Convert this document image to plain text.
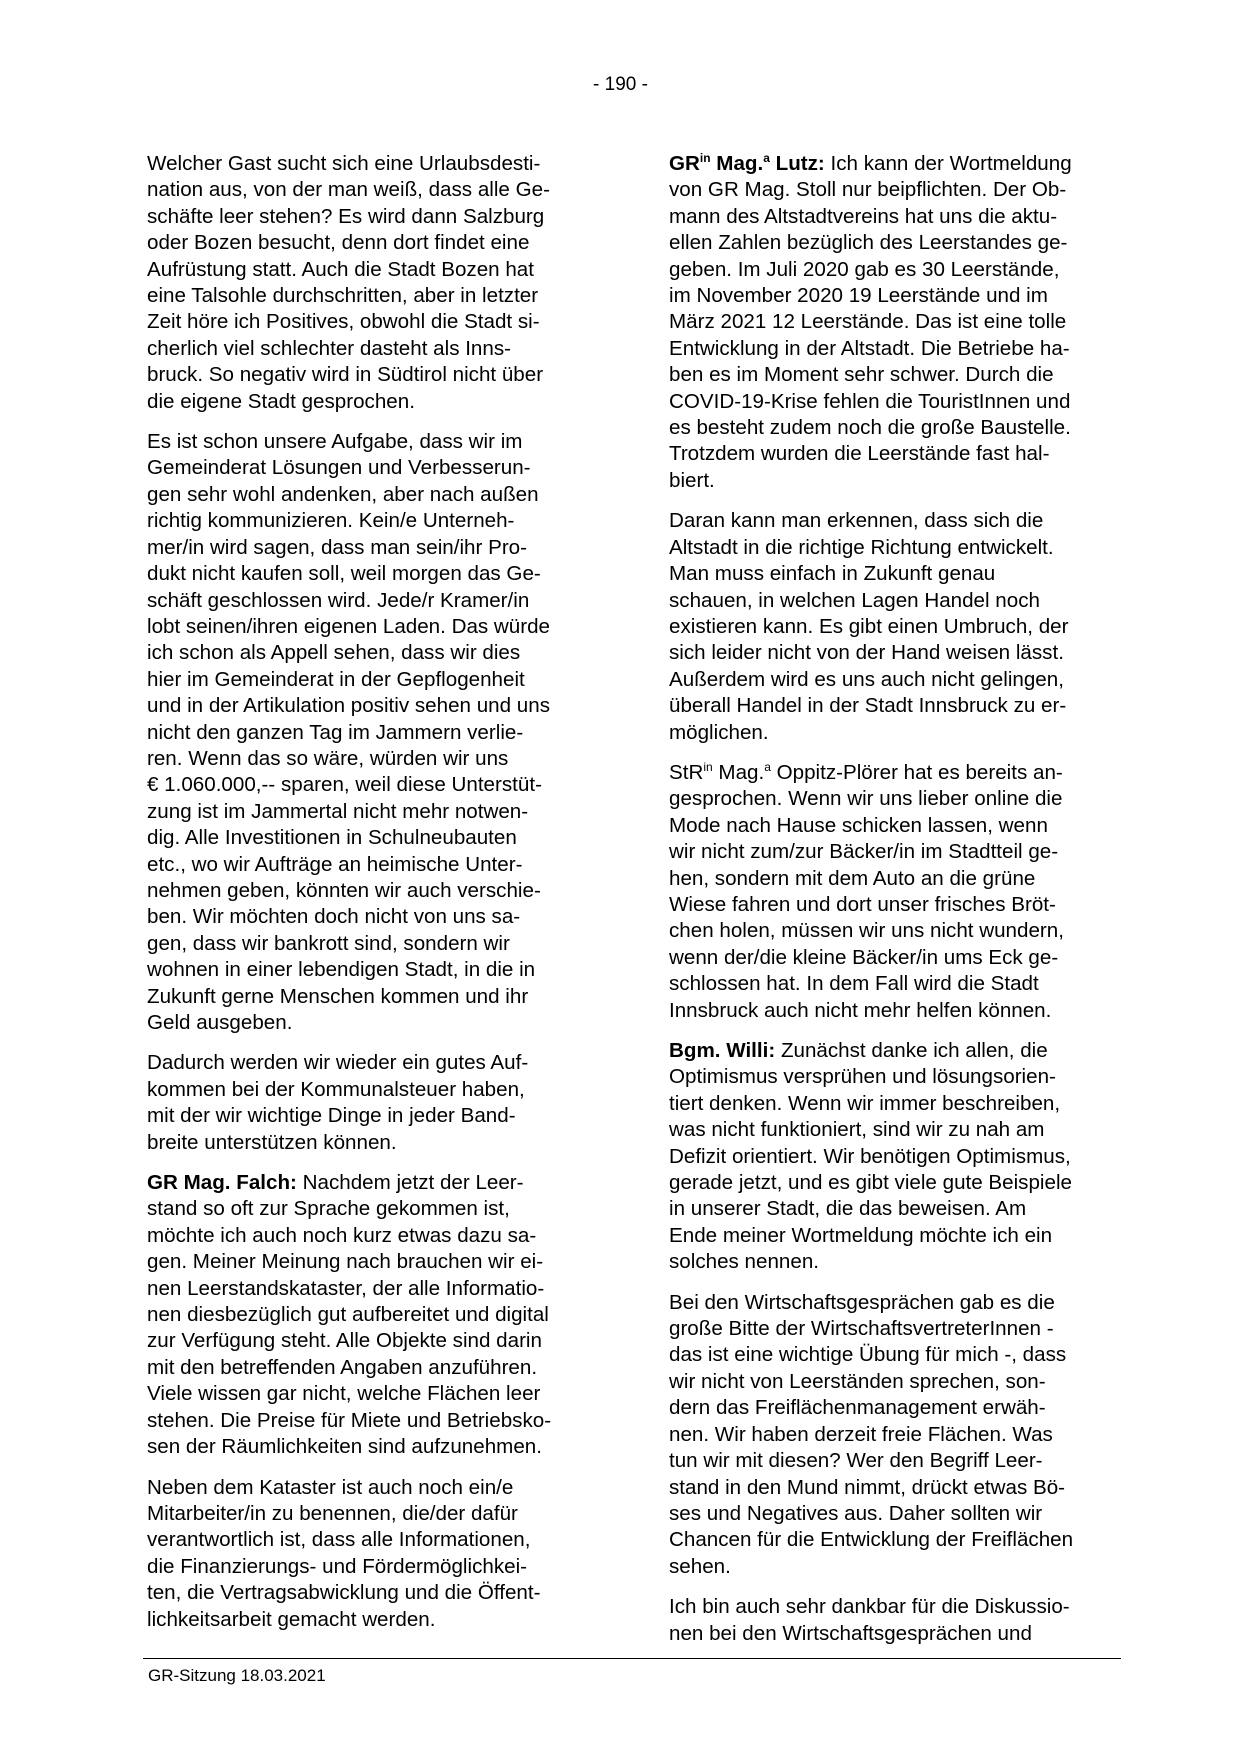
- 190 -

Welcher Gast sucht sich eine Urlaubsdesti-
nation aus, von der man weiß, dass alle Ge-
schäfte leer stehen? Es wird dann Salzburg
oder Bozen besucht, denn dort findet eine
Aufrüstung statt. Auch die Stadt Bozen hat
eine Talsohle durchschritten, aber in letzter
Zeit höre ich Positives, obwohl die Stadt si-
cherlich viel schlechter dasteht als Inns-
bruck. So negativ wird in Südtirol nicht über
die eigene Stadt gesprochen.

Es ist schon unsere Aufgabe, dass wir im
Gemeinderat Lösungen und Verbesserun-
gen sehr wohl andenken, aber nach außen
richtig kommunizieren. Kein/e Unterneh-
mer/in wird sagen, dass man sein/ihr Pro-
dukt nicht kaufen soll, weil morgen das Ge-
schäft geschlossen wird. Jede/r Kramer/in
lobt seinen/ihren eigenen Laden. Das würde
ich schon als Appell sehen, dass wir dies
hier im Gemeinderat in der Gepflogenheit
und in der Artikulation positiv sehen und uns
nicht den ganzen Tag im Jammern verlie-
ren. Wenn das so wäre, würden wir uns
€ 1.060.000,-- sparen, weil diese Unterstüt-
zung ist im Jammertal nicht mehr notwen-
dig. Alle Investitionen in Schulneubauten
etc., wo wir Aufträge an heimische Unter-
nehmen geben, könnten wir auch verschie-
ben. Wir möchten doch nicht von uns sa-
gen, dass wir bankrott sind, sondern wir
wohnen in einer lebendigen Stadt, in die in
Zukunft gerne Menschen kommen und ihr
Geld ausgeben.

Dadurch werden wir wieder ein gutes Auf-
kommen bei der Kommunalsteuer haben,
mit der wir wichtige Dinge in jeder Band-
breite unterstützen können.

GR Mag. Falch: Nachdem jetzt der Leer-
stand so oft zur Sprache gekommen ist,
möchte ich auch noch kurz etwas dazu sa-
gen. Meiner Meinung nach brauchen wir ei-
nen Leerstandskataster, der alle Informatio-
nen diesbezüglich gut aufbereitet und digital
zur Verfügung steht. Alle Objekte sind darin
mit den betreffenden Angaben anzuführen.
Viele wissen gar nicht, welche Flächen leer
stehen. Die Preise für Miete und Betriebsko-
sen der Räumlichkeiten sind aufzunehmen.

Neben dem Kataster ist auch noch ein/e
Mitarbeiter/in zu benennen, die/der dafür
verantwortlich ist, dass alle Informationen,
die Finanzierungs- und Fördermöglichkei-
ten, die Vertragsabwicklung und die Öffent-
lichkeitsarbeit gemacht werden.

$GR^{in}$ Mag.$^a$ Lutz: Ich kann der Wortmeldung
von GR Mag. Stoll nur beipflichten. Der Ob-
mann des Altstadtvereins hat uns die aktu-
ellen Zahlen bezüglich des Leerstandes ge-
geben. Im Juli 2020 gab es 30 Leerstände,
im November 2020 19 Leerstände und im
März 2021 12 Leerstände. Das ist eine tolle
Entwicklung in der Altstadt. Die Betriebe ha-
ben es im Moment sehr schwer. Durch die
COVID-19-Krise fehlen die TouristInnen und
es besteht zudem noch die große Baustelle.
Trotzdem wurden die Leerstände fast hal-
biert.

Daran kann man erkennen, dass sich die
Altstadt in die richtige Richtung entwickelt.
Man muss einfach in Zukunft genau
schauen, in welchen Lagen Handel noch
existieren kann. Es gibt einen Umbruch, der
sich leider nicht von der Hand weisen lässt.
Außerdem wird es uns auch nicht gelingen,
überall Handel in der Stadt Innsbruck zu er-
möglichen.

StR$^{in}$ Mag.$^a$ Oppitz-Plörer hat es bereits an-
gesprochen. Wenn wir uns lieber online die
Mode nach Hause schicken lassen, wenn
wir nicht zum/zur Bäcker/in im Stadtteil ge-
hen, sondern mit dem Auto an die grüne
Wiese fahren und dort unser frisches Bröt-
chen holen, müssen wir uns nicht wundern,
wenn der/die kleine Bäcker/in ums Eck ge-
schlossen hat. In dem Fall wird die Stadt
Innsbruck auch nicht mehr helfen können.

Bgm. Willi: Zunächst danke ich allen, die
Optimismus versprühen und lösungsorien-
tiert denken. Wenn wir immer beschreiben,
was nicht funktioniert, sind wir zu nah am
Defizit orientiert. Wir benötigen Optimismus,
gerade jetzt, und es gibt viele gute Beispiele
in unserer Stadt, die das beweisen. Am
Ende meiner Wortmeldung möchte ich ein
solches nennen.

Bei den Wirtschaftsgesprächen gab es die
große Bitte der WirtschaftsvertreterInnen -
das ist eine wichtige Übung für mich -, dass
wir nicht von Leerständen sprechen, son-
dern das Freiflächenmanagement erwäh-
nen. Wir haben derzeit freie Flächen. Was
tun wir mit diesen? Wer den Begriff Leer-
stand in den Mund nimmt, drückt etwas Bö-
ses und Negatives aus. Daher sollten wir
Chancen für die Entwicklung der Freiflächen
sehen.

Ich bin auch sehr dankbar für die Diskussio-
nen bei den Wirtschaftsgesprächen und

GR-Sitzung 18.03.2021
